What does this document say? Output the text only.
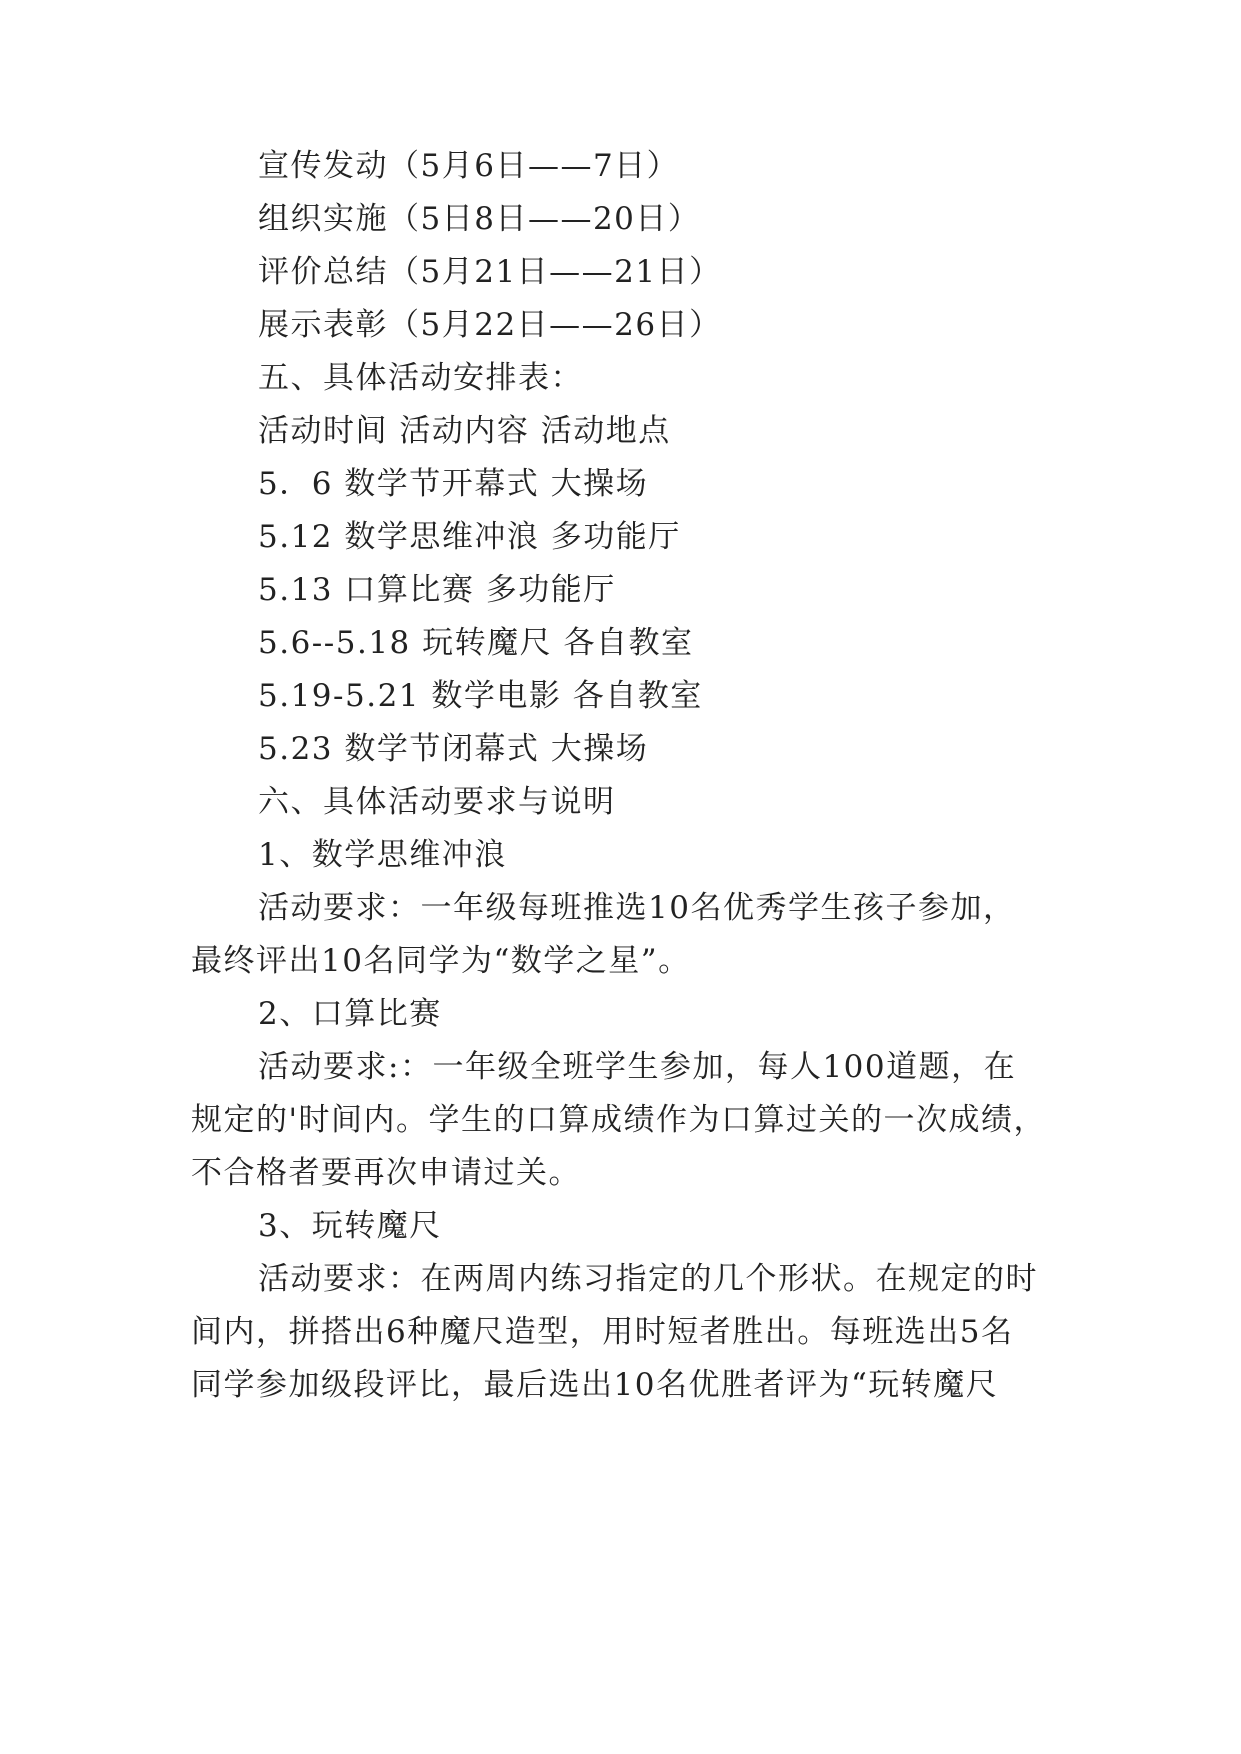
宣传发动（5月6日——7日）
组织实施（5日8日——20日）
评价总结（5月21日——21日）
展示表彰（5月22日——26日）
五、具体活动安排表：
活动时间 活动内容 活动地点
5．6 数学节开幕式 大操场
5.12 数学思维冲浪 多功能厅
5.13 口算比赛 多功能厅
5.6--5.18 玩转魔尺 各自教室
5.19-5.21 数学电影 各自教室
5.23 数学节闭幕式 大操场
六、具体活动要求与说明
1、数学思维冲浪
活动要求：一年级每班推选10名优秀学生孩子参加，
最终评出10名同学为“数学之星”。
2、口算比赛
活动要求:：一年级全班学生参加，每人100道题，在
规定的'时间内。学生的口算成绩作为口算过关的一次成绩，
不合格者要再次申请过关。
3、玩转魔尺
活动要求：在两周内练习指定的几个形状。在规定的时
间内，拼搭出6种魔尺造型，用时短者胜出。每班选出5名
同学参加级段评比，最后选出10名优胜者评为“玩转魔尺
